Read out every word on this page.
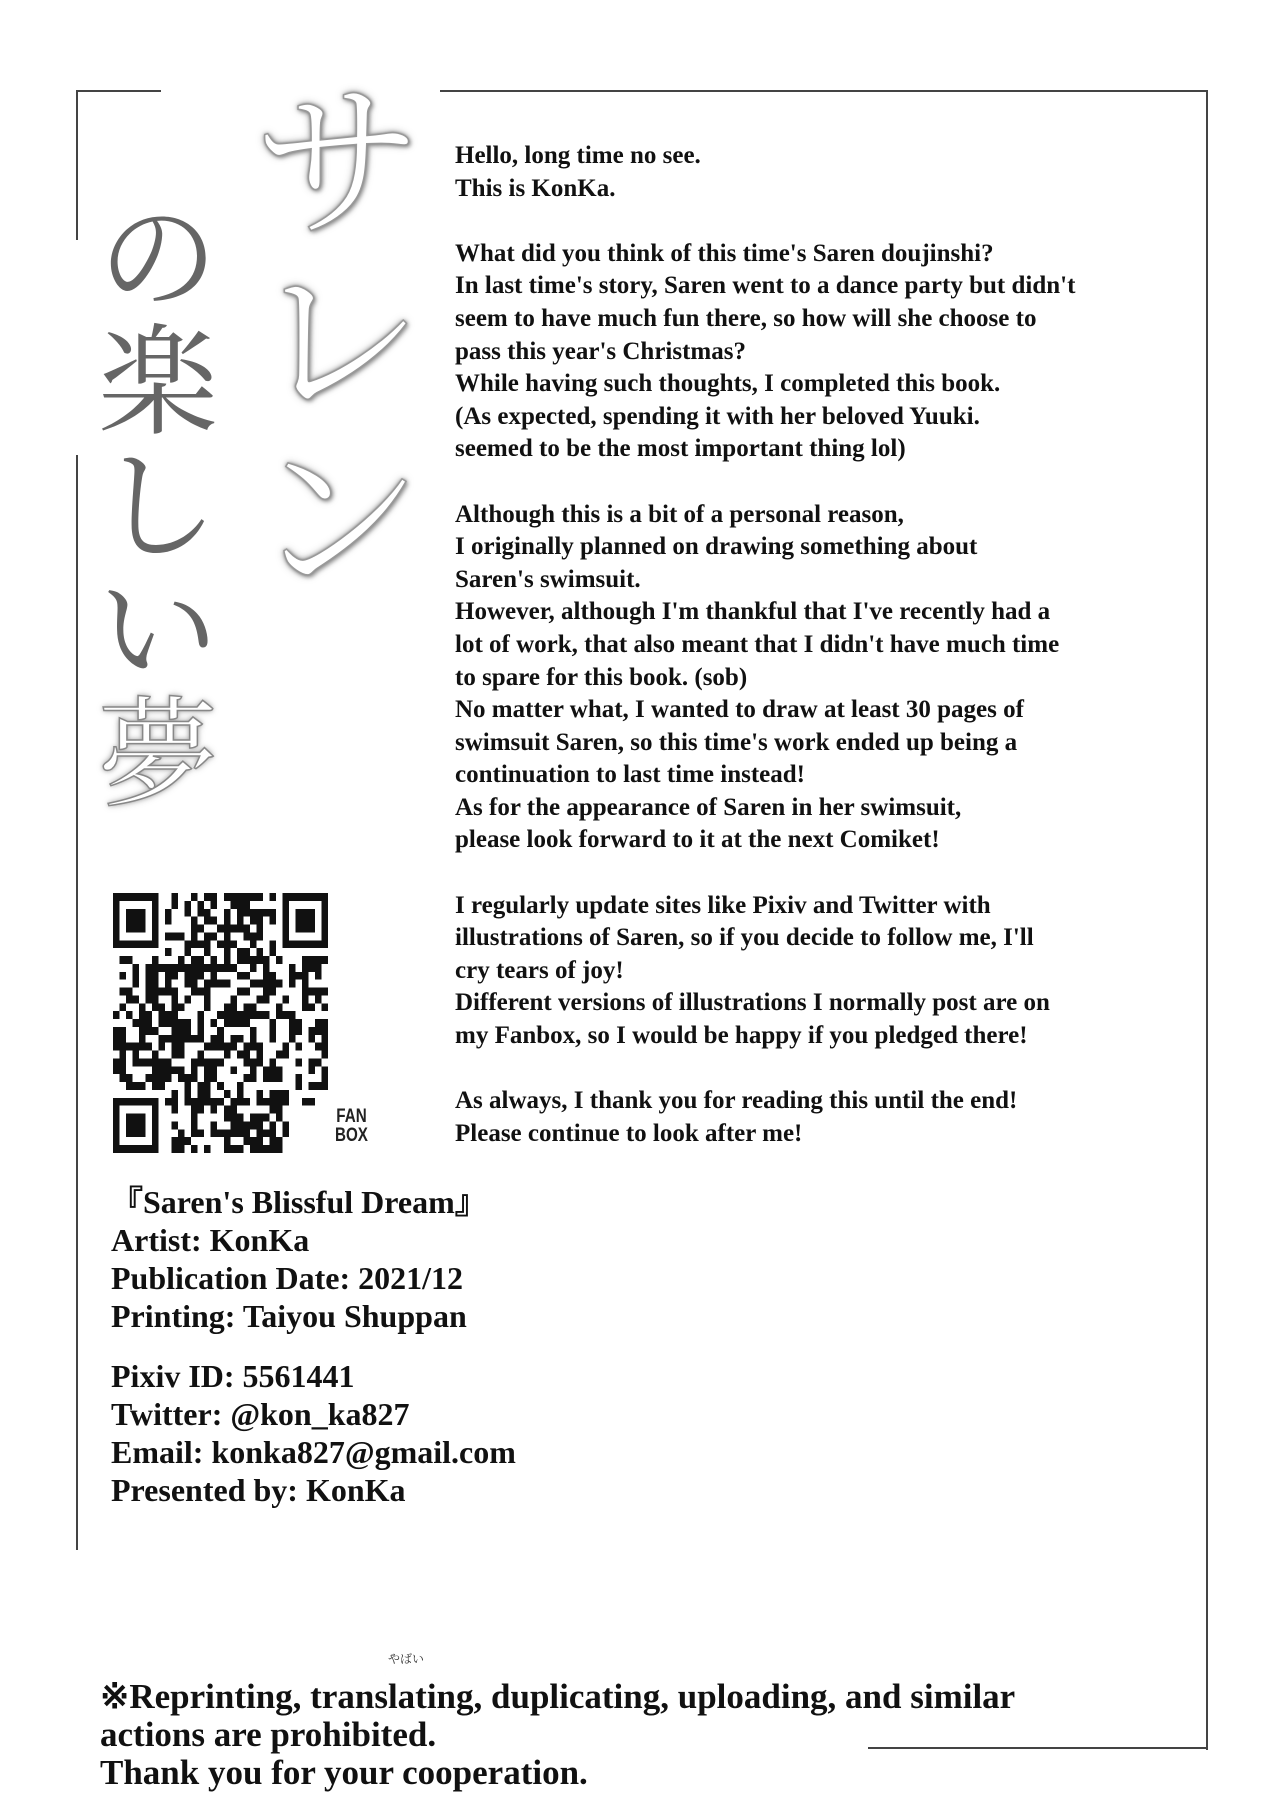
サ
レ
ン
の
楽
し
い
夢

Hello, long time no see.
This is KonKa.

What did you think of this time's Saren doujinshi?
In last time's story, Saren went to a dance party but didn't
seem to have much fun there, so how will she choose to
pass this year's Christmas?
While having such thoughts, I completed this book.
(As expected, spending it with her beloved Yuuki.
seemed to be the most important thing lol)

Although this is a bit of a personal reason,
I originally planned on drawing something about
Saren's swimsuit.
However, although I'm thankful that I've recently had a
lot of work, that also meant that I didn't have much time
to spare for this book. (sob)
No matter what, I wanted to draw at least 30 pages of
swimsuit Saren, so this time's work ended up being a
continuation to last time instead!
As for the appearance of Saren in her swimsuit,
please look forward to it at the next Comiket!

I regularly update sites like Pixiv and Twitter with
illustrations of Saren, so if you decide to follow me, I'll
cry tears of joy!
Different versions of illustrations I normally post are on
my Fanbox, so I would be happy if you pledged there!

As always, I thank you for reading this until the end!
Please continue to look after me!

FAN
BOX
『Saren's Blissful Dream』
Artist: KonKa
Publication Date: 2021/12
Printing: Taiyou Shuppan
Pixiv ID: 5561441
Twitter: @kon_ka827
Email: konka827@gmail.com
Presented by: KonKa
やばい
※Reprinting, translating, duplicating, uploading, and similar
actions are prohibited.
Thank you for your cooperation.
